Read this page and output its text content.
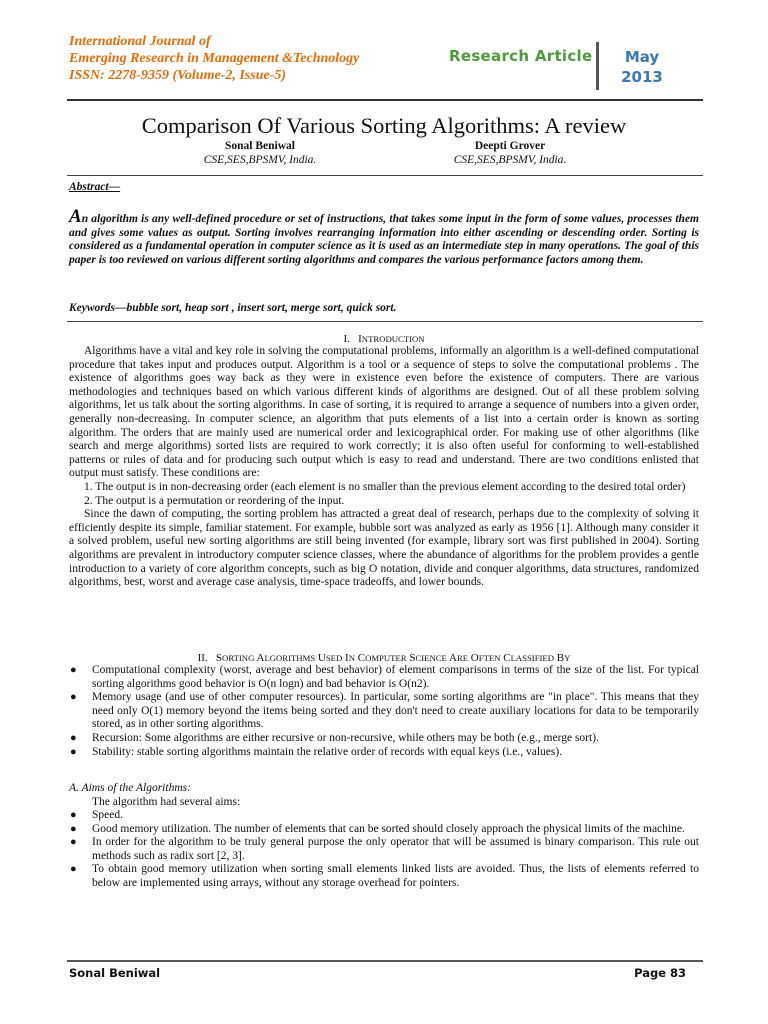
International Journal of
Emerging Research in Management &Technology
ISSN: 2278-9359 (Volume-2, Issue-5)
Research Article	May
2013
Comparison Of Various Sorting Algorithms: A review
Sonal Beniwal
CSE,SES,BPSMV, India.
Deepti Grover
CSE,SES,BPSMV, India.
Abstract—

An algorithm is any well-defined procedure or set of instructions, that takes some input in the form of some values, processes them and gives some values as output. Sorting involves rearranging information into either ascending or descending order. Sorting is considered as a fundamental operation in computer science as it is used as an intermediate step in many operations. The goal of this paper is too reviewed on various different sorting algorithms and compares the various performance factors among them.

Keywords—bubble sort, heap sort , insert sort, merge sort, quick sort.
I. INTRODUCTION

Algorithms have a vital and key role in solving the computational problems, informally an algorithm is a well-defined computational procedure that takes input and produces output. Algorithm is a tool or a sequence of steps to solve the computational problems . The existence of algorithms goes way back as they were in existence even before the existence of computers. There are various methodologies and techniques based on which various different kinds of algorithms are designed. Out of all these problem solving algorithms, let us talk about the sorting algorithms. In case of sorting, it is required to arrange a sequence of numbers into a given order, generally non-decreasing. In computer science, an algorithm that puts elements of a list into a certain order is known as sorting algorithm. The orders that are mainly used are numerical order and lexicographical order. For making use of other algorithms (like search and merge algorithms) sorted lists are required to work correctly; it is also often useful for conforming to well-established patterns or rules of data and for producing such output which is easy to read and understand. There are two conditions enlisted that output must satisfy. These conditions are:

1. The output is in non-decreasing order (each element is no smaller than the previous element according to the desired total order)

2. The output is a permutation or reordering of the input.

Since the dawn of computing, the sorting problem has attracted a great deal of research, perhaps due to the complexity of solving it efficiently despite its simple, familiar statement. For example, bubble sort was analyzed as early as 1956 [1]. Although many consider it a solved problem, useful new sorting algorithms are still being invented (for example, library sort was first published in 2004). Sorting algorithms are prevalent in introductory computer science classes, where the abundance of algorithms for the problem provides a gentle introduction to a variety of core algorithm concepts, such as big O notation, divide and conquer algorithms, data structures, randomized algorithms, best, worst and average case analysis, time-space tradeoffs, and lower bounds.

II. SORTING ALGORITHMS USED IN COMPUTER SCIENCE ARE OFTEN CLASSIFIED BY
● Computational complexity (worst, average and best behavior) of element comparisons in terms of the size of the list. For typical sorting algorithms good behavior is O(n logn) and bad behavior is O(n2).
● Memory usage (and use of other computer resources). In particular, some sorting algorithms are "in place". This means that they need only O(1) memory beyond the items being sorted and they don't need to create auxiliary locations for data to be temporarily stored, as in other sorting algorithms.
● Recursion: Some algorithms are either recursive or non-recursive, while others may be both (e.g., merge sort).
● Stability: stable sorting algorithms maintain the relative order of records with equal keys (i.e., values).
A. Aims of the Algorithms:
The algorithm had several aims:
● Speed.
● Good memory utilization. The number of elements that can be sorted should closely approach the physical limits of the machine.
● In order for the algorithm to be truly general purpose the only operator that will be assumed is binary comparison. This rule out methods such as radix sort [2, 3].
● To obtain good memory utilization when sorting small elements linked lists are avoided. Thus, the lists of elements referred to below are implemented using arrays, without any storage overhead for pointers.
Sonal Beniwal	Page 83
